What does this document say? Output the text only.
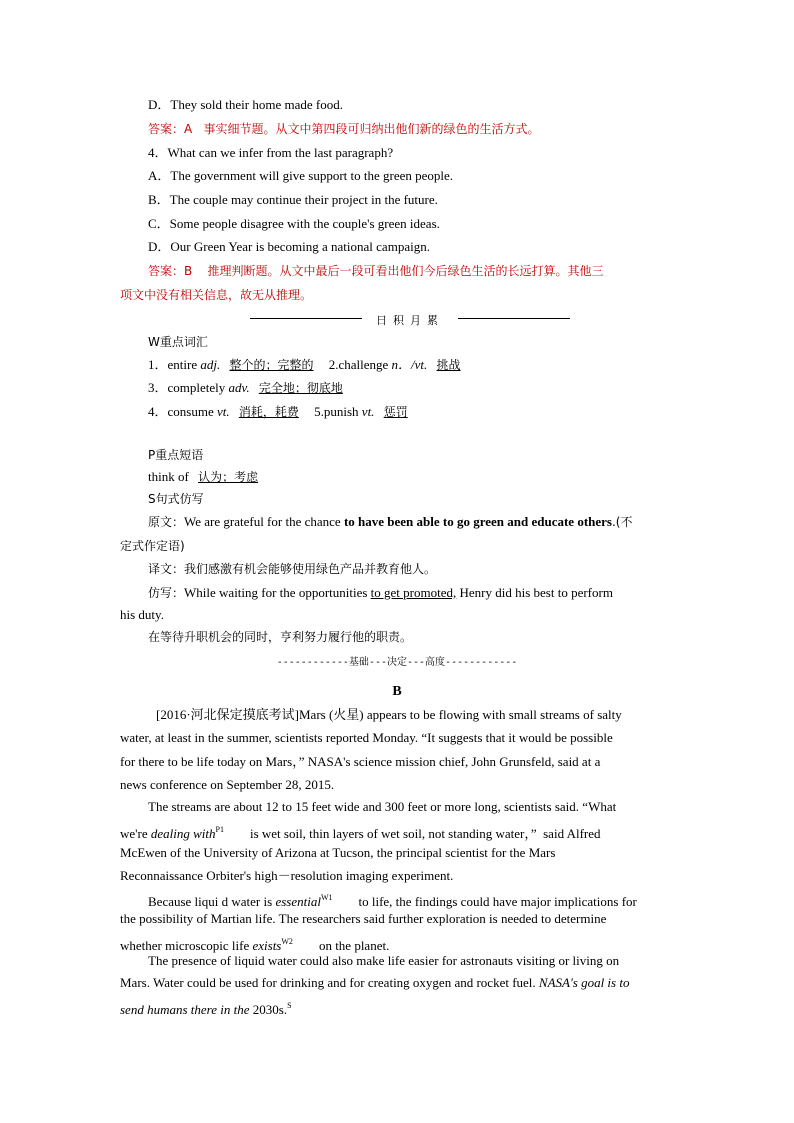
D．They sold their home made food.
答案：A 事实细节题。从文中第四段可归纳出他们新的绿色的生活方式。
4．What can we infer from the last paragraph?
A．The government will give support to the green people.
B．The couple may continue their project in the future.
C．Some people disagree with the couple's green ideas.
D．Our Green Year is becoming a national campaign.
答案：B 推理判断题。从文中最后一段可看出他们今后绿色生活的长远打算。其他三
项文中没有相关信息，故无从推理。
日积月累
W重点词汇
1．entire adj. 整个的；完整的 2.challenge n．/vt. 挑战
3．completely adv. 完全地；彻底地
4．consume vt. 消耗，耗费 5.punish vt. 惩罚
P重点短语
think of 认为；考虑
S句式仿写
原文：We are grateful for the chance to have been able to go green and educate others.(不
定式作定语)
译文：我们感激有机会能够使用绿色产品并教育他人。
仿写：While waiting for the opportunities to get promoted, Henry did his best to perform
his duty.
在等待升职机会的同时，亨利努力履行他的职责。
------------基础---决定---高度------------
B
[2016·河北保定摸底考试]Mars (火星) appears to be flowing with small streams of salty
water, at least in the summer, scientists reported Monday. “It suggests that it would be possible
for there to be life today on Mars，” NASA's science mission chief, John Grunsfeld, said at a
news conference on September 28, 2015.
The streams are about 12 to 15 feet wide and 300 feet or more long, scientists said. “What
we're dealing with$^{P1}$        is wet soil, thin layers of wet soil, not standing water，”  said Alfred
McEwen of the University of Arizona at Tucson, the principal scientist for the Mars
Reconnaissance Orbiter's high－resolution imaging experiment.
Because liqui d water is essential$^{W1}$        to life, the findings could have major implications for
the possibility of Martian life. The researchers said further exploration is needed to determine
whether microscopic life exists$^{W2}$        on the planet.
The presence of liquid water could also make life easier for astronauts visiting or living on
Mars. Water could be used for drinking and for creating oxygen and rocket fuel. NASA's goal is to
send humans there in the 2030s.$^S$
